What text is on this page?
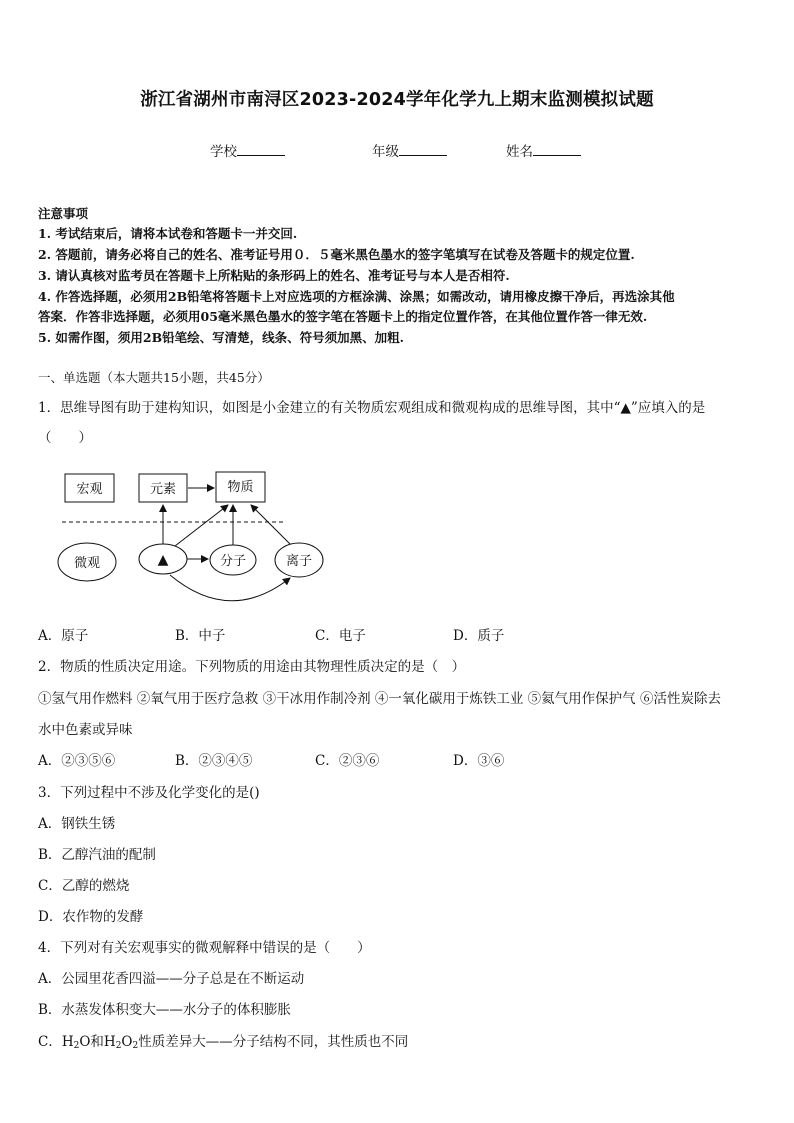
浙江省湖州市南浔区2023-2024学年化学九上期末监测模拟试题
学校	年级	姓名
注意事项
1. 考试结束后，请将本试卷和答题卡一并交回.
2. 答题前，请务必将自己的姓名、准考证号用０．５毫米黑色墨水的签字笔填写在试卷及答题卡的规定位置.
3. 请认真核对监考员在答题卡上所粘贴的条形码上的姓名、准考证号与本人是否相符.
4. 作答选择题，必须用2B铅笔将答题卡上对应选项的方框涂满、涂黑；如需改动，请用橡皮擦干净后，再选涂其他
答案．作答非选择题，必须用05毫米黑色墨水的签字笔在答题卡上的指定位置作答，在其他位置作答一律无效.
5. 如需作图，须用2B铅笔绘、写清楚，线条、符号须加黑、加粗.
一、单选题（本大题共15小题，共45分）
1．思维导图有助于建构知识，如图是小金建立的有关物质宏观组成和微观构成的思维导图，其中“▲”应填入的是
（　　）
宏观	元素	物质
微观	▲	分子	离子
A．原子	B．中子	C．电子	D．质子
2．物质的性质决定用途。下列物质的用途由其物理性质决定的是（　）
①氢气用作燃料 ②氧气用于医疗急救 ③干冰用作制冷剂 ④一氧化碳用于炼铁工业 ⑤氦气用作保护气 ⑥活性炭除去
水中色素或异味
A．②③⑤⑥	B．②③④⑤	C．②③⑥	D．③⑥
3．下列过程中不涉及化学变化的是()
A．钢铁生锈
B．乙醇汽油的配制
C．乙醇的燃烧
D．农作物的发酵
4．下列对有关宏观事实的微观解释中错误的是（　　）
A．公园里花香四溢——分子总是在不断运动
B．水蒸发体积变大——水分子的体积膨胀
C．$H_2O$和$H_2O_2$性质差异大——分子结构不同，其性质也不同
